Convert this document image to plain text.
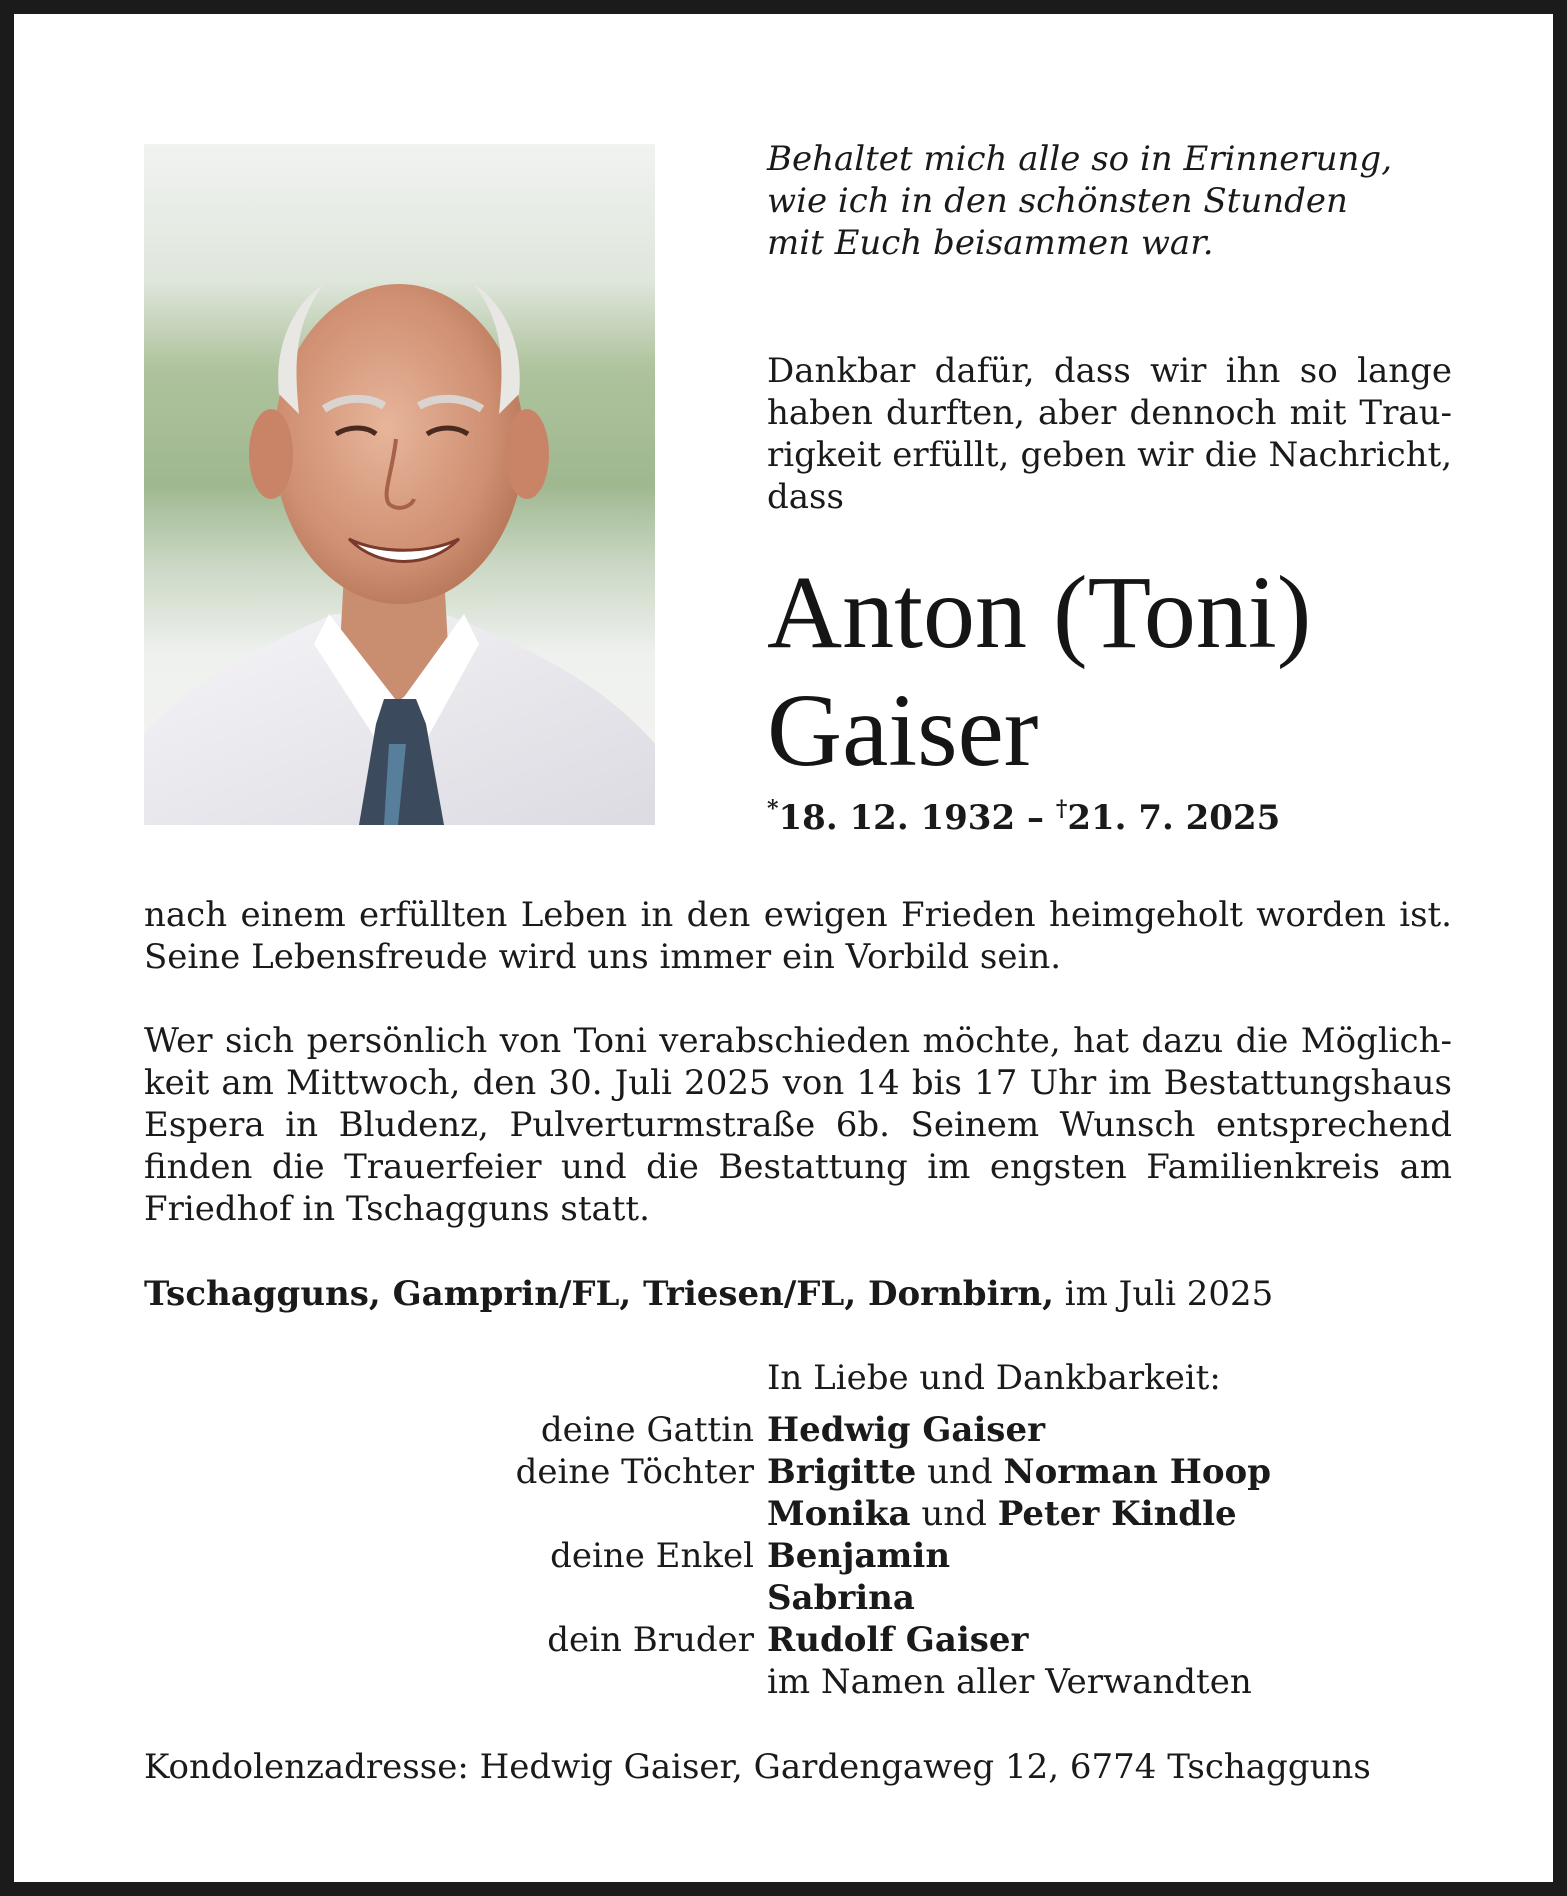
Behaltet mich alle so in Erinnerung,
wie ich in den schönsten Stunden
mit Euch beisammen war.
Dankbar dafür, dass wir ihn so lange
haben durften, aber dennoch mit Trau-
rigkeit erfüllt, geben wir die Nachricht,
dass
Anton (Toni)
Gaiser
*18. 12. 1932 – †21. 7. 2025
nach einem erfüllten Leben in den ewigen Frieden heimgeholt worden ist.
Seine Lebensfreude wird uns immer ein Vorbild sein.
Wer sich persönlich von Toni verabschieden möchte, hat dazu die Möglich-
keit am Mittwoch, den 30. Juli 2025 von 14 bis 17 Uhr im Bestattungshaus
Espera in Bludenz, Pulverturmstraße 6b. Seinem Wunsch entsprechend
finden die Trauerfeier und die Bestattung im engsten Familienkreis am
Friedhof in Tschagguns statt.
Tschagguns, Gamprin/FL, Triesen/FL, Dornbirn, im Juli 2025
In Liebe und Dankbarkeit:
deine Gattin Hedwig Gaiser
deine Töchter Brigitte und Norman Hoop
Monika und Peter Kindle
deine Enkel Benjamin
Sabrina
dein Bruder Rudolf Gaiser
im Namen aller Verwandten
Kondolenzadresse: Hedwig Gaiser, Gardengaweg 12, 6774 Tschagguns
